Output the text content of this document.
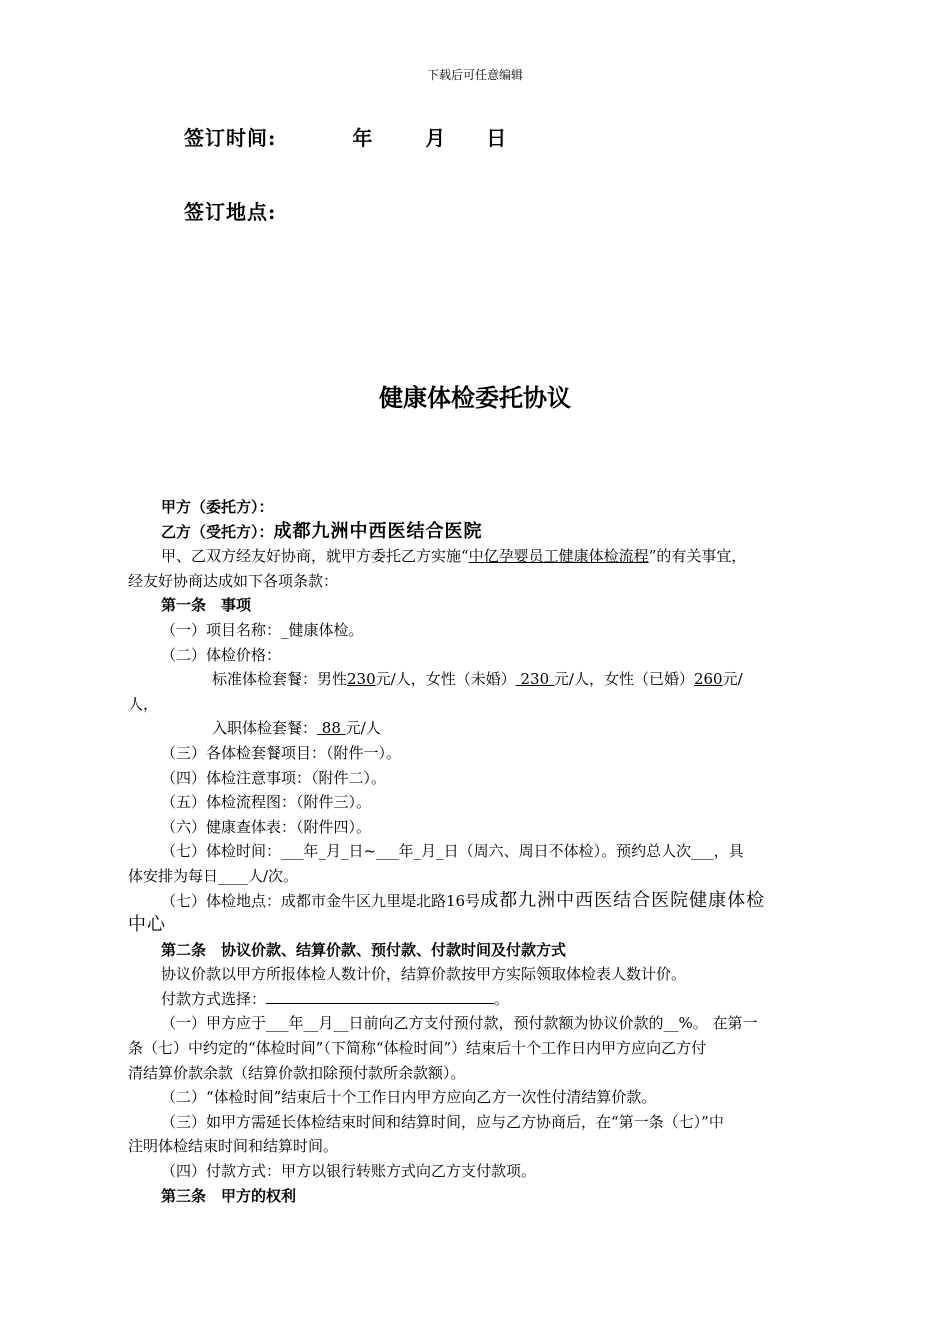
下载后可任意编辑
签订时间:	年	月 日
签订地点:
健康体检委托协议

甲方（委托方）：

乙方（受托方）：成都九洲中西医结合医院

甲、乙双方经友好协商，就甲方委托乙方实施“中亿孕婴员工健康体检流程”的有关事宜，

经友好协商达成如下各项条款：

第一条　事项

（一）项目名称：_健康体检。

（二）体检价格：

标准体检套餐：男性230元/人，女性（未婚） 230 元/人，女性（已婚）260元/

人，

入职体检套餐： 88 元/人

（三）各体检套餐项目：（附件一）。

（四）体检注意事项：（附件二）。

（五）体检流程图：（附件三）。

（六）健康查体表：（附件四）。

（七）体检时间：___年_月_日~___年_月_日（周六、周日不体检）。预约总人次___，具

体安排为每日____人/次。

（七）体检地点：成都市金牛区九里堤北路16号成都九洲中西医结合医院健康体检

中心

第二条　协议价款、结算价款、预付款、付款时间及付款方式

协议价款以甲方所报体检人数计价，结算价款按甲方实际领取体检表人数计价。

付款方式选择：	。

（一）甲方应于___年__月__日前向乙方支付预付款，预付款额为协议价款的__%。 在第一

条（七）中约定的“体检时间”（下简称“体检时间”）结束后十个工作日内甲方应向乙方付

清结算价款余款（结算价款扣除预付款所余款额）。

（二）“体检时间”结束后十个工作日内甲方应向乙方一次性付清结算价款。

（三）如甲方需延长体检结束时间和结算时间，应与乙方协商后，在“第一条（七）”中

注明体检结束时间和结算时间。

（四）付款方式：甲方以银行转账方式向乙方支付款项。

第三条　甲方的权利
